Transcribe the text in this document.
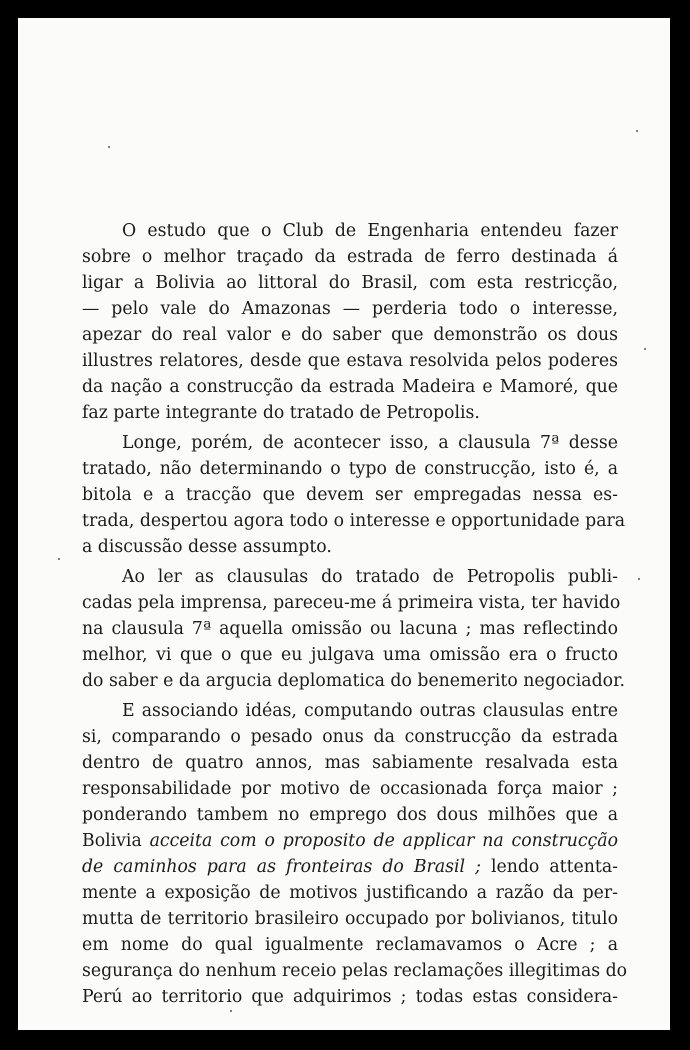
O estudo que o Club de Engenharia entendeu fazer
sobre o melhor traçado da estrada de ferro destinada á
ligar a Bolivia ao littoral do Brasil, com esta restricção,
— pelo vale do Amazonas — perderia todo o interesse,
apezar do real valor e do saber que demonstrão os dous
illustres relatores, desde que estava resolvida pelos poderes
da nação a construcção da estrada Madeira e Mamoré, que
faz parte integrante do tratado de Petropolis.
Longe, porém, de acontecer isso, a clausula 7ª desse
tratado, não determinando o typo de construcção, isto é, a
bitola e a tracção que devem ser empregadas nessa es-
trada, despertou agora todo o interesse e opportunidade para
a discussão desse assumpto.
Ao ler as clausulas do tratado de Petropolis publi-
cadas pela imprensa, pareceu-me á primeira vista, ter havido
na clausula 7ª aquella omissão ou lacuna ; mas reflectindo
melhor, vi que o que eu julgava uma omissão era o fructo
do saber e da argucia deplomatica do benemerito negociador.
E associando idéas, computando outras clausulas entre
si, comparando o pesado onus da construcção da estrada
dentro de quatro annos, mas sabiamente resalvada esta
responsabilidade por motivo de occasionada força maior ;
ponderando tambem no emprego dos dous milhões que a
Bolivia acceita com o proposito de applicar na construcção
de caminhos para as fronteiras do Brasil ; lendo attenta-
mente a exposição de motivos justificando a razão da per-
mutta de territorio brasileiro occupado por bolivianos, titulo
em nome do qual igualmente reclamavamos o Acre ; a
segurança do nenhum receio pelas reclamações illegitimas do
Perú ao territorio que adquirimos ; todas estas considera-
